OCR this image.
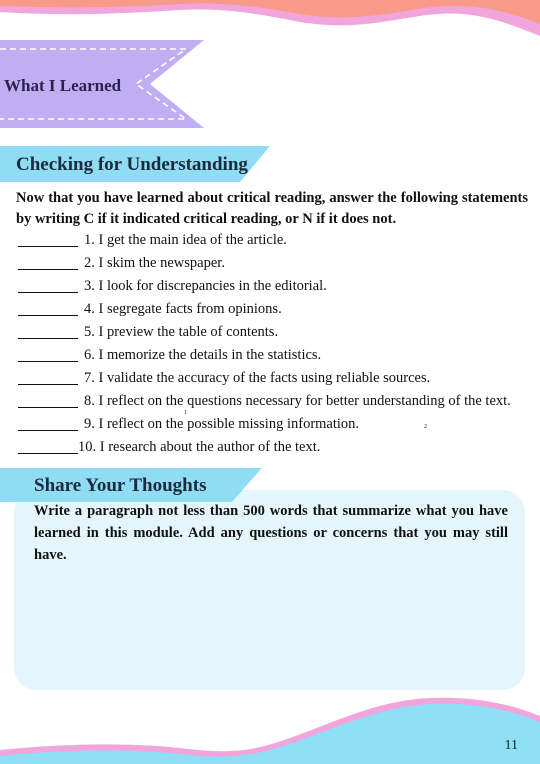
What I Learned
Checking for Understanding
Now that you have learned about critical reading, answer the following statements by writing C if it indicated critical reading, or N if it does not.
1. I get the main idea of the article.
2. I skim the newspaper.
3. I look for discrepancies in the editorial.
4. I segregate facts from opinions.
5. I preview the table of contents.
6. I memorize the details in the statistics.
7. I validate the accuracy of the facts using reliable sources.
8. I reflect on the questions necessary for better understanding of the text.
9. I reflect on the possible missing information.
10. I research about the author of the text.
1
2
Share Your Thoughts
Write a paragraph not less than 500 words that summarize what you have learned in this module. Add any questions or concerns that you may still have.
11
